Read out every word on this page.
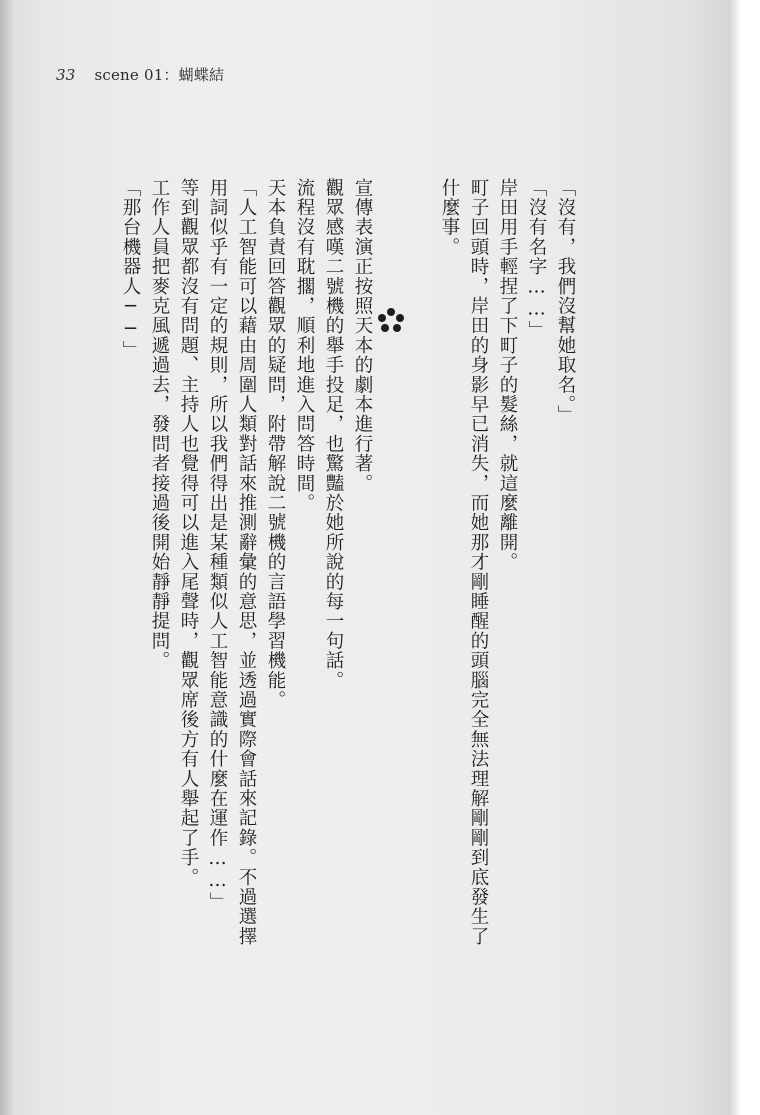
33 scene 01：蝴蝶結
「沒有，我們沒幫她取名。」
「沒有名字……」
岸田用手輕捏了下町子的髮絲，就這麼離開。
町子回頭時，岸田的身影早已消失，而她那才剛睡醒的頭腦完全無法理解剛剛到底發生了
什麼事。
宣傳表演正按照天本的劇本進行著。
觀眾感嘆二號機的舉手投足，也驚豔於她所說的每一句話。
流程沒有耽擱，順利地進入問答時間。
天本負責回答觀眾的疑問，附帶解說二號機的言語學習機能。
「人工智能可以藉由周圍人類對話來推測辭彙的意思，並透過實際會話來記錄。不過選擇
用詞似乎有一定的規則，所以我們得出是某種類似人工智能意識的什麼在運作……」
等到觀眾都沒有問題、主持人也覺得可以進入尾聲時，觀眾席後方有人舉起了手。
工作人員把麥克風遞過去，發問者接過後開始靜靜提問。
「那台機器人──」
